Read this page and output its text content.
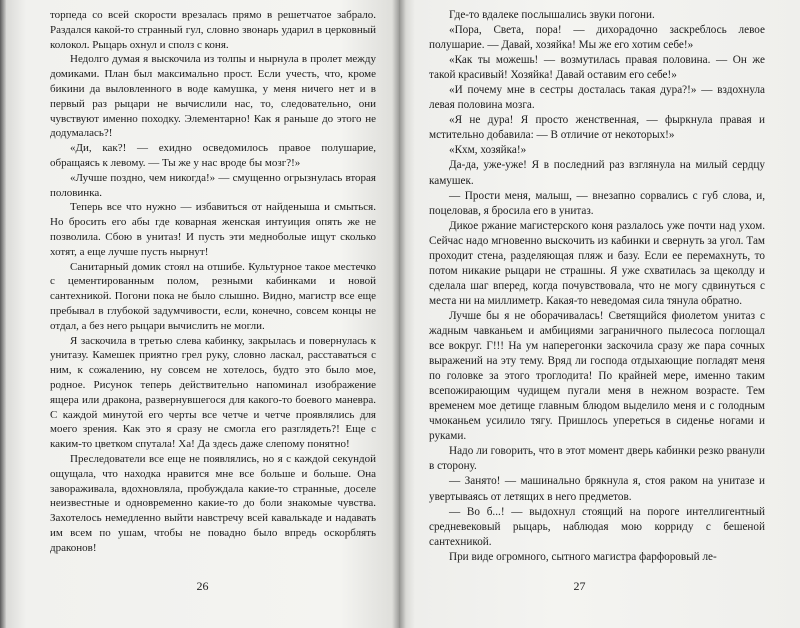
торпеда со всей скорости врезалась прямо в решетчатое забрало. Раздался какой-то странный гул, словно звонарь ударил в церковный колокол. Рыцарь охнул и сполз с коня.

Недолго думая я выскочила из толпы и нырнула в пролет между домиками. План был максимально прост. Если учесть, что, кроме бикини да выловленного в воде камушка, у меня ничего нет и в первый раз рыцари не вычислили нас, то, следовательно, они чувствуют именно походку. Элементарно! Как я раньше до этого не додумалась?!

«Ди, как?! — ехидно осведомилось правое полушарие, обращаясь к левому. — Ты же у нас вроде бы мозг?!»

«Лучше поздно, чем никогда!» — смущенно огрызнулась вторая половинка.

Теперь все что нужно — избавиться от найденыша и смыться. Но бросить его абы где коварная женская интуиция опять же не позволила. Сбою в унитаз! И пусть эти медноболые ищут сколько хотят, а еще лучше пусть нырнут!

Санитарный домик стоял на отшибе. Культурное такое местечко с цементированным полом, резными кабинками и новой сантехникой. Погони пока не было слышно. Видно, магистр все еще пребывал в глубокой задумчивости, если, конечно, совсем концы не отдал, а без него рыцари вычислить не могли.

Я заскочила в третью слева кабинку, закрылась и повернулась к унитазу. Камешек приятно грел руку, словно ласкал, расставаться с ним, к сожалению, ну совсем не хотелось, будто это было мое, родное. Рисунок теперь действительно напоминал изображение ящера или дракона, развернувшегося для какого-то боевого маневра. С каждой минутой его черты все четче и четче проявлялись для моего зрения. Как это я сразу не смогла его разглядеть?! Еще с каким-то цветком спутала! Ха! Да здесь даже слепому понятно!

Преследователи все еще не появлялись, но я с каждой секундой ощущала, что находка нравится мне все больше и больше. Она завораживала, вдохновляла, пробуждала какие-то странные, доселе неизвестные и одновременно какие-то до боли знакомые чувства. Захотелось немедленно выйти навстречу всей кавалькаде и надавать им всем по ушам, чтобы не повадно было впредь оскорблять драконов!

26

Где-то вдалеке послышались звуки погони.

«Пора, Света, пора! — дихорадочно заскреблось левое полушарие. — Давай, хозяйка! Мы же его хотим себе!»

«Как ты можешь! — возмутилась правая половина. — Он же такой красивый! Хозяйка! Давай оставим его себе!»

«И почему мне в сестры досталась такая дура?!» — вздохнула левая половина мозга.

«Я не дура! Я просто женственная, — фыркнула правая и мстительно добавила: — В отличие от некоторых!»

«Кхм, хозяйка!»

Да-да, уже-уже! Я в последний раз взглянула на милый сердцу камушек.

— Прости меня, малыш, — внезапно сорвались с губ слова, и, поцеловав, я бросила его в унитаз.

Дикое ржание магистерского коня разлалось уже почти над ухом. Сейчас надо мгновенно выскочить из кабинки и свернуть за угол. Там проходит стена, разделяющая пляж и базу. Если ее перемахнуть, то потом никакие рыцари не страшны. Я уже схватилась за щеколду и сделала шаг вперед, когда почувствовала, что не могу сдвинуться с места ни на миллиметр. Какая-то неведомая сила тянула обратно.

Лучше бы я не оборачивалась! Светящийся фиолетом унитаз с жадным чавканьем и амбициями заграничного пылесоса поглощал все вокруг. Г!!! На ум наперегонки заскочила сразу же пара сочных выражений на эту тему. Вряд ли господа отдыхающие погладят меня по головке за этого троглодита! По крайней мере, именно таким всепожирающим чудищем пугали меня в нежном возрасте. Тем временем мое детище главным блюдом выделило меня и с голодным чмоканьем усилило тягу. Пришлось упереться в сиденье ногами и руками.

Надо ли говорить, что в этот момент дверь кабинки резко рванули в сторону.

— Занято! — машинально брякнула я, стоя раком на унитазе и увертываясь от летящих в него предметов.

— Во б...! — выдохнул стоящий на пороге интеллигентный средневековый рыцарь, наблюдая мою корриду с бешеной сантехникой.

При виде огромного, сытного магистра фарфоровый ле-

27
